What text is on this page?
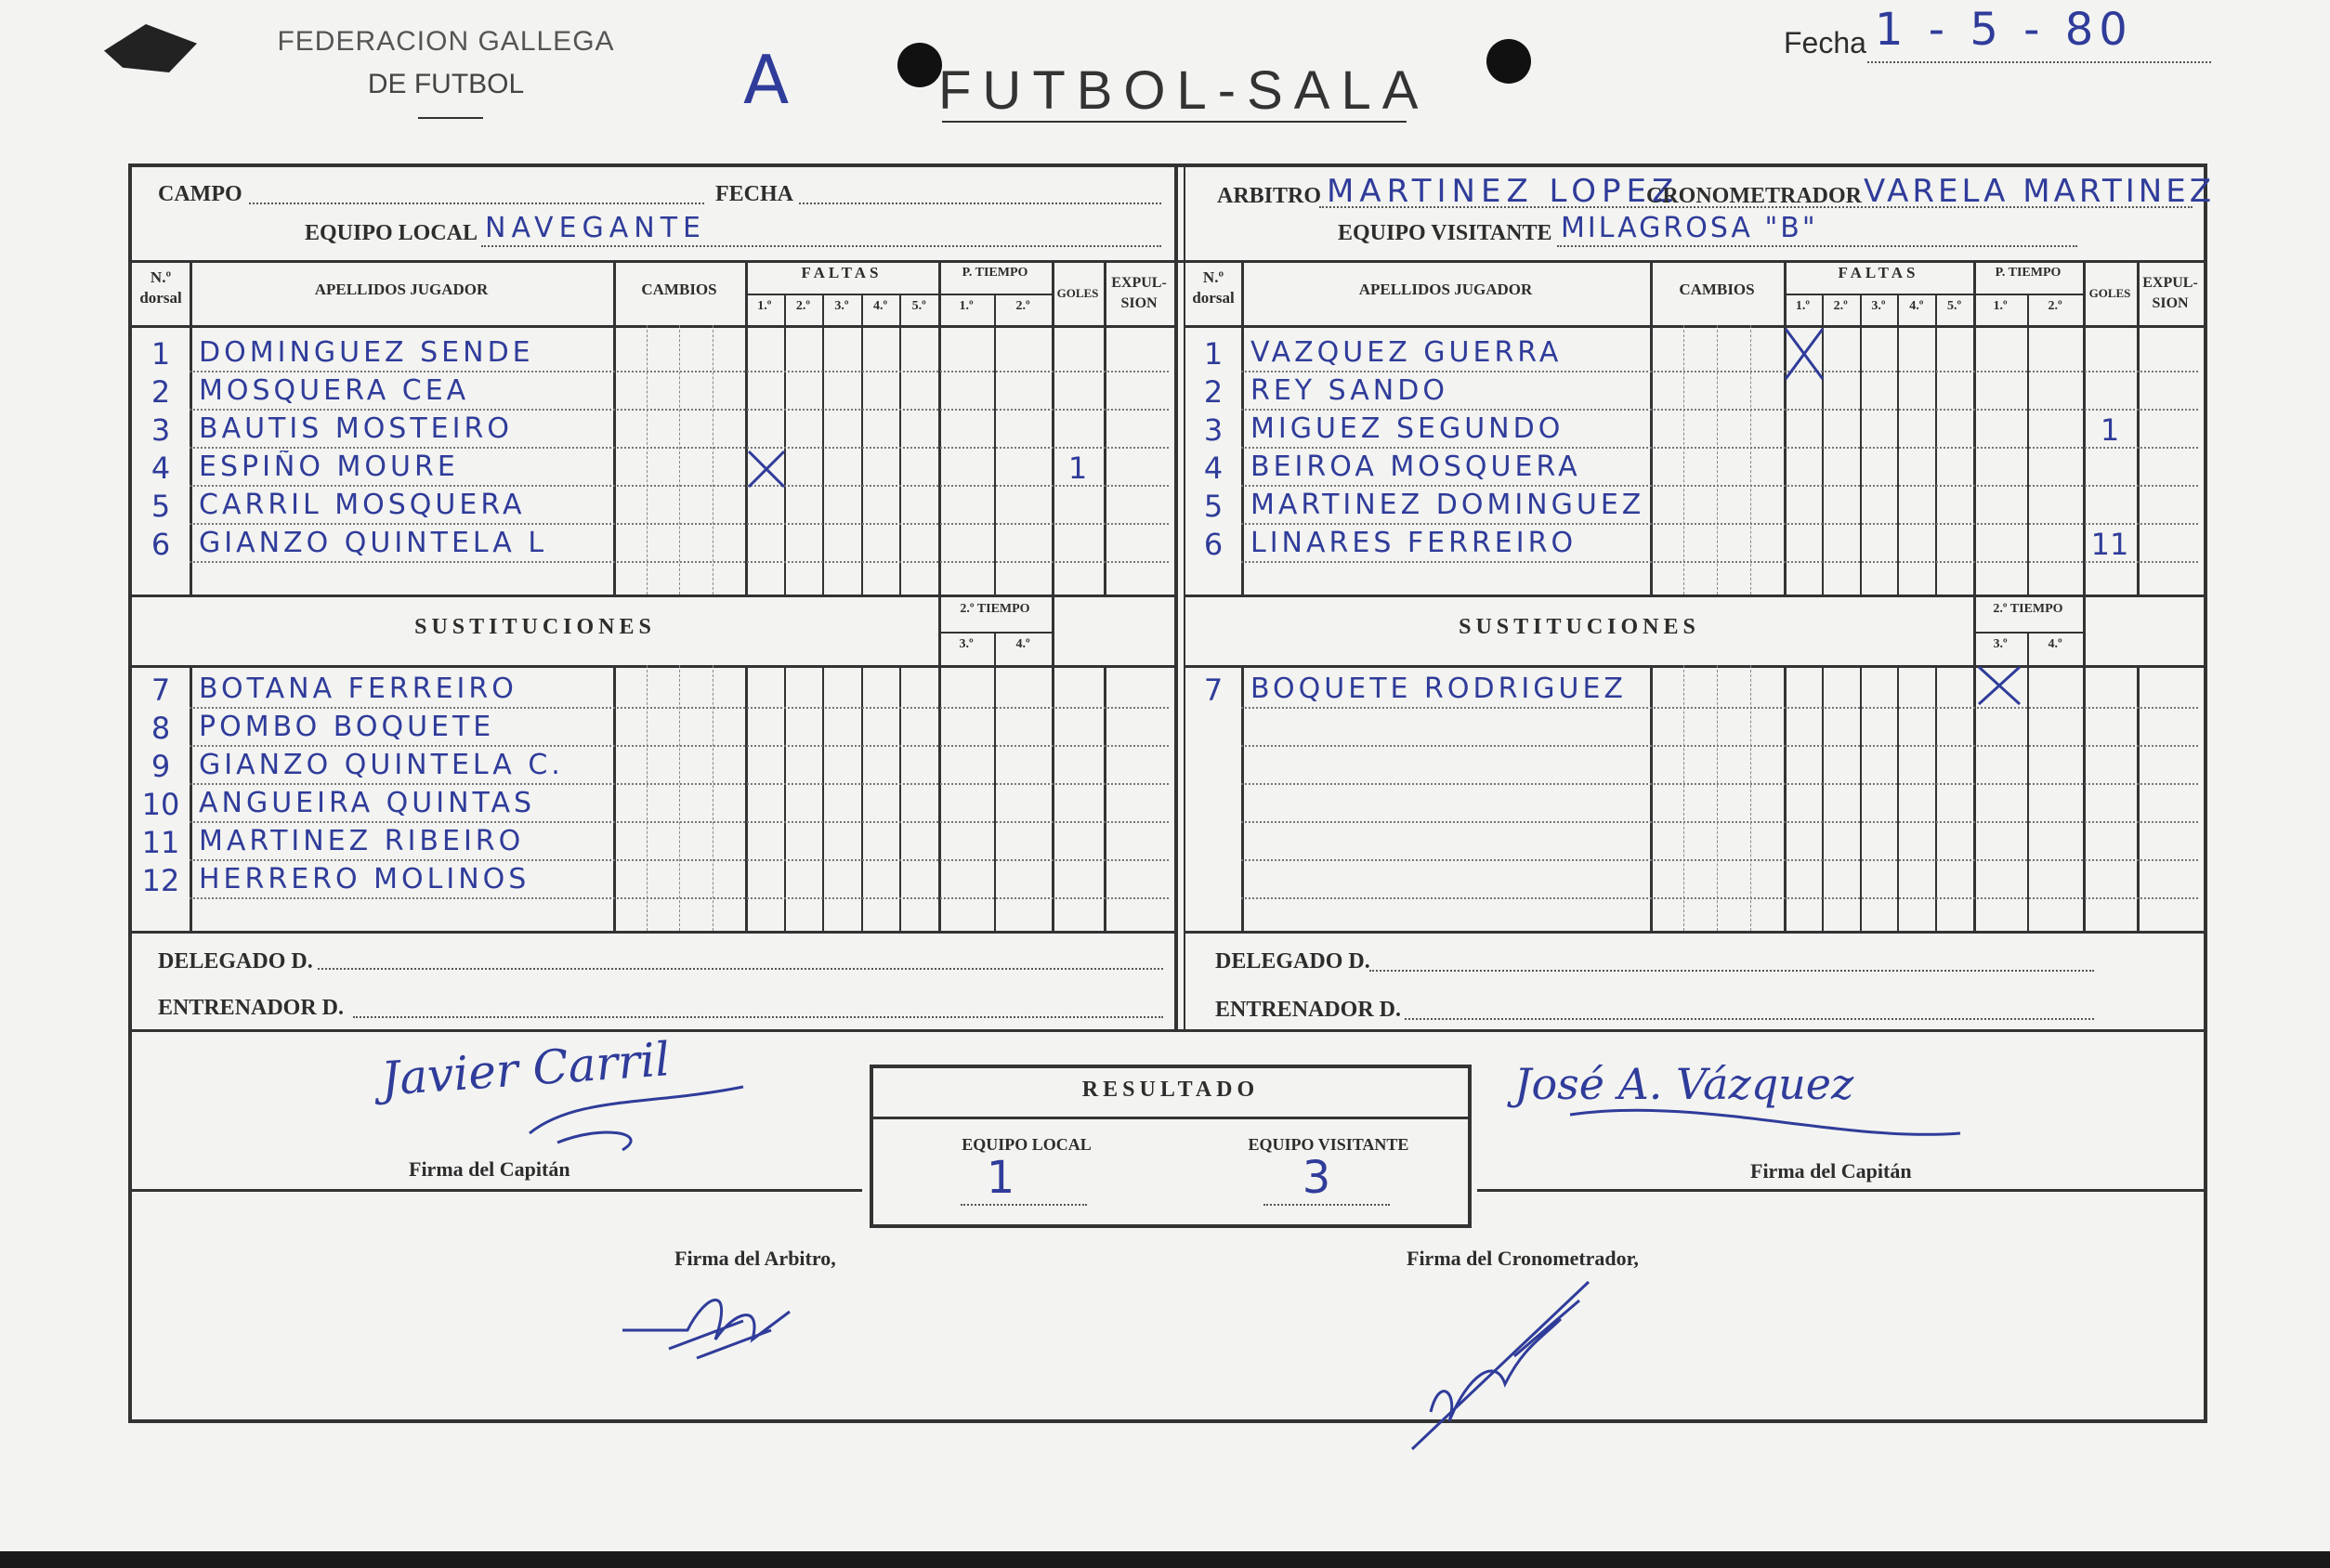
FEDERACION GALLEGA
DE FUTBOL	A	FUTBOL-SALA
Fecha 1 - 5 - 80
CAMPO	FECHA
EQUIPO LOCAL NAVEGANTE
ARBITRO MARTINEZ LOPEZ
CRONOMETRADOR VARELA MARTINEZ
EQUIPO VISITANTE MILAGROSA "B"
N.º dorsal	APELLIDOS JUGADOR	CAMBIOS
FALTAS
1.º	2.º	3.º	4.º	5.º
P. TIEMPO
1.º	2.º
GOLES
EXPUL-SION
SUSTITUCIONES
2.º TIEMPO
3.º	4.º
1	DOMINGUEZ SENDE
2	MOSQUERA CEA
3	BAUTIS MOSTEIRO
4	ESPIÑO MOURE	1
5	CARRIL MOSQUERA
6	GIANZO QUINTELA L
7	BOTANA FERREIRO
8	POMBO BOQUETE
9	GIANZO QUINTELA C.
10 ANGUEIRA QUINTAS
11 MARTINEZ RIBEIRO
12 HERRERO MOLINOS
N.º dorsal	APELLIDOS JUGADOR	CAMBIOS
FALTAS
1.º	2.º	3.º	4.º	5.º
P. TIEMPO
1.º	2.º
GOLES
EXPUL-SION
SUSTITUCIONES
2.º TIEMPO
3.º	4.º
1 VAZQUEZ GUERRA
2 REY SANDO
3 MIGUEZ SEGUNDO	1
4 BEIROA MOSQUERA
5 MARTINEZ DOMINGUEZ
6 LINARES FERREIRO	11
7 BOQUETE RODRIGUEZ
DELEGADO D.
ENTRENADOR D.
DELEGADO D.
ENTRENADOR D.
RESULTADO
EQUIPO LOCAL	EQUIPO VISITANTE
1	3
Javier Carril
Firma del Capitán
José A. Vázquez
Firma del Capitán
Firma del Arbitro,	Firma del Cronometrador,
